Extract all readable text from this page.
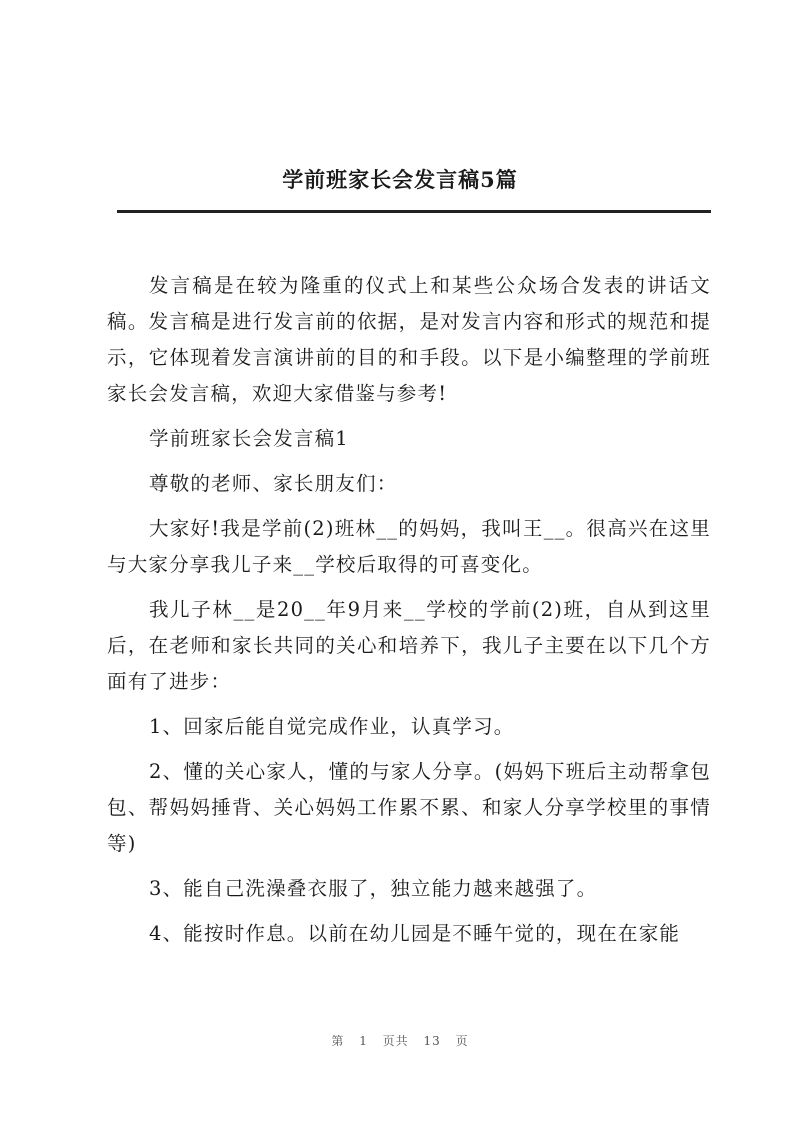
学前班家长会发言稿5篇

发言稿是在较为隆重的仪式上和某些公众场合发表的讲话文稿。发言稿是进行发言前的依据，是对发言内容和形式的规范和提示，它体现着发言演讲前的目的和手段。以下是小编整理的学前班家长会发言稿，欢迎大家借鉴与参考!

学前班家长会发言稿1

尊敬的老师、家长朋友们：

大家好!我是学前(2)班林__的妈妈，我叫王__。很高兴在这里与大家分享我儿子来__学校后取得的可喜变化。

我儿子林__是20__年9月来__学校的学前(2)班，自从到这里后，在老师和家长共同的关心和培养下，我儿子主要在以下几个方面有了进步：

1、回家后能自觉完成作业，认真学习。

2、懂的关心家人，懂的与家人分享。(妈妈下班后主动帮拿包包、帮妈妈捶背、关心妈妈工作累不累、和家人分享学校里的事情等)

3、能自己洗澡叠衣服了，独立能力越来越强了。

4、能按时作息。以前在幼儿园是不睡午觉的，现在在家能

第 1 页共 13 页
